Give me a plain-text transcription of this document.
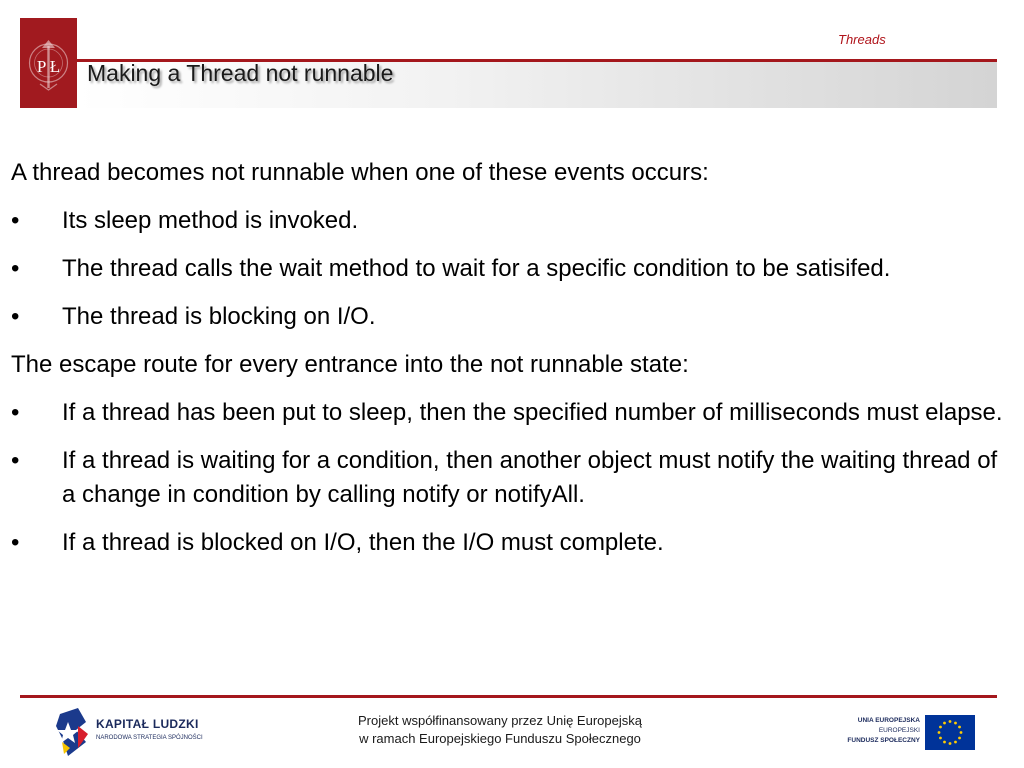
Threads
P Ł Making a Thread not runnable

A thread becomes not runnable when one of these events occurs:

• Its sleep method is invoked.
• The thread calls the wait method to wait for a specific condition to be satisifed.
• The thread is blocking on I/O.

The escape route for every entrance into the not runnable state:

• If a thread has been put to sleep, then the specified number of milliseconds must elapse.
• If a thread is waiting for a condition, then another object must notify the waiting thread of a change in condition by calling notify or notifyAll.
• If a thread is blocked on I/O, then the I/O must complete.
KAPITAŁ LUDZKI
NARODOWA STRATEGIA SPÓJNOŚCI
Projekt współfinansowany przez Unię Europejską
w ramach Europejskiego Funduszu Społecznego
UNIA EUROPEJSKA
EUROPEJSKI
FUNDUSZ SPOŁECZNY
